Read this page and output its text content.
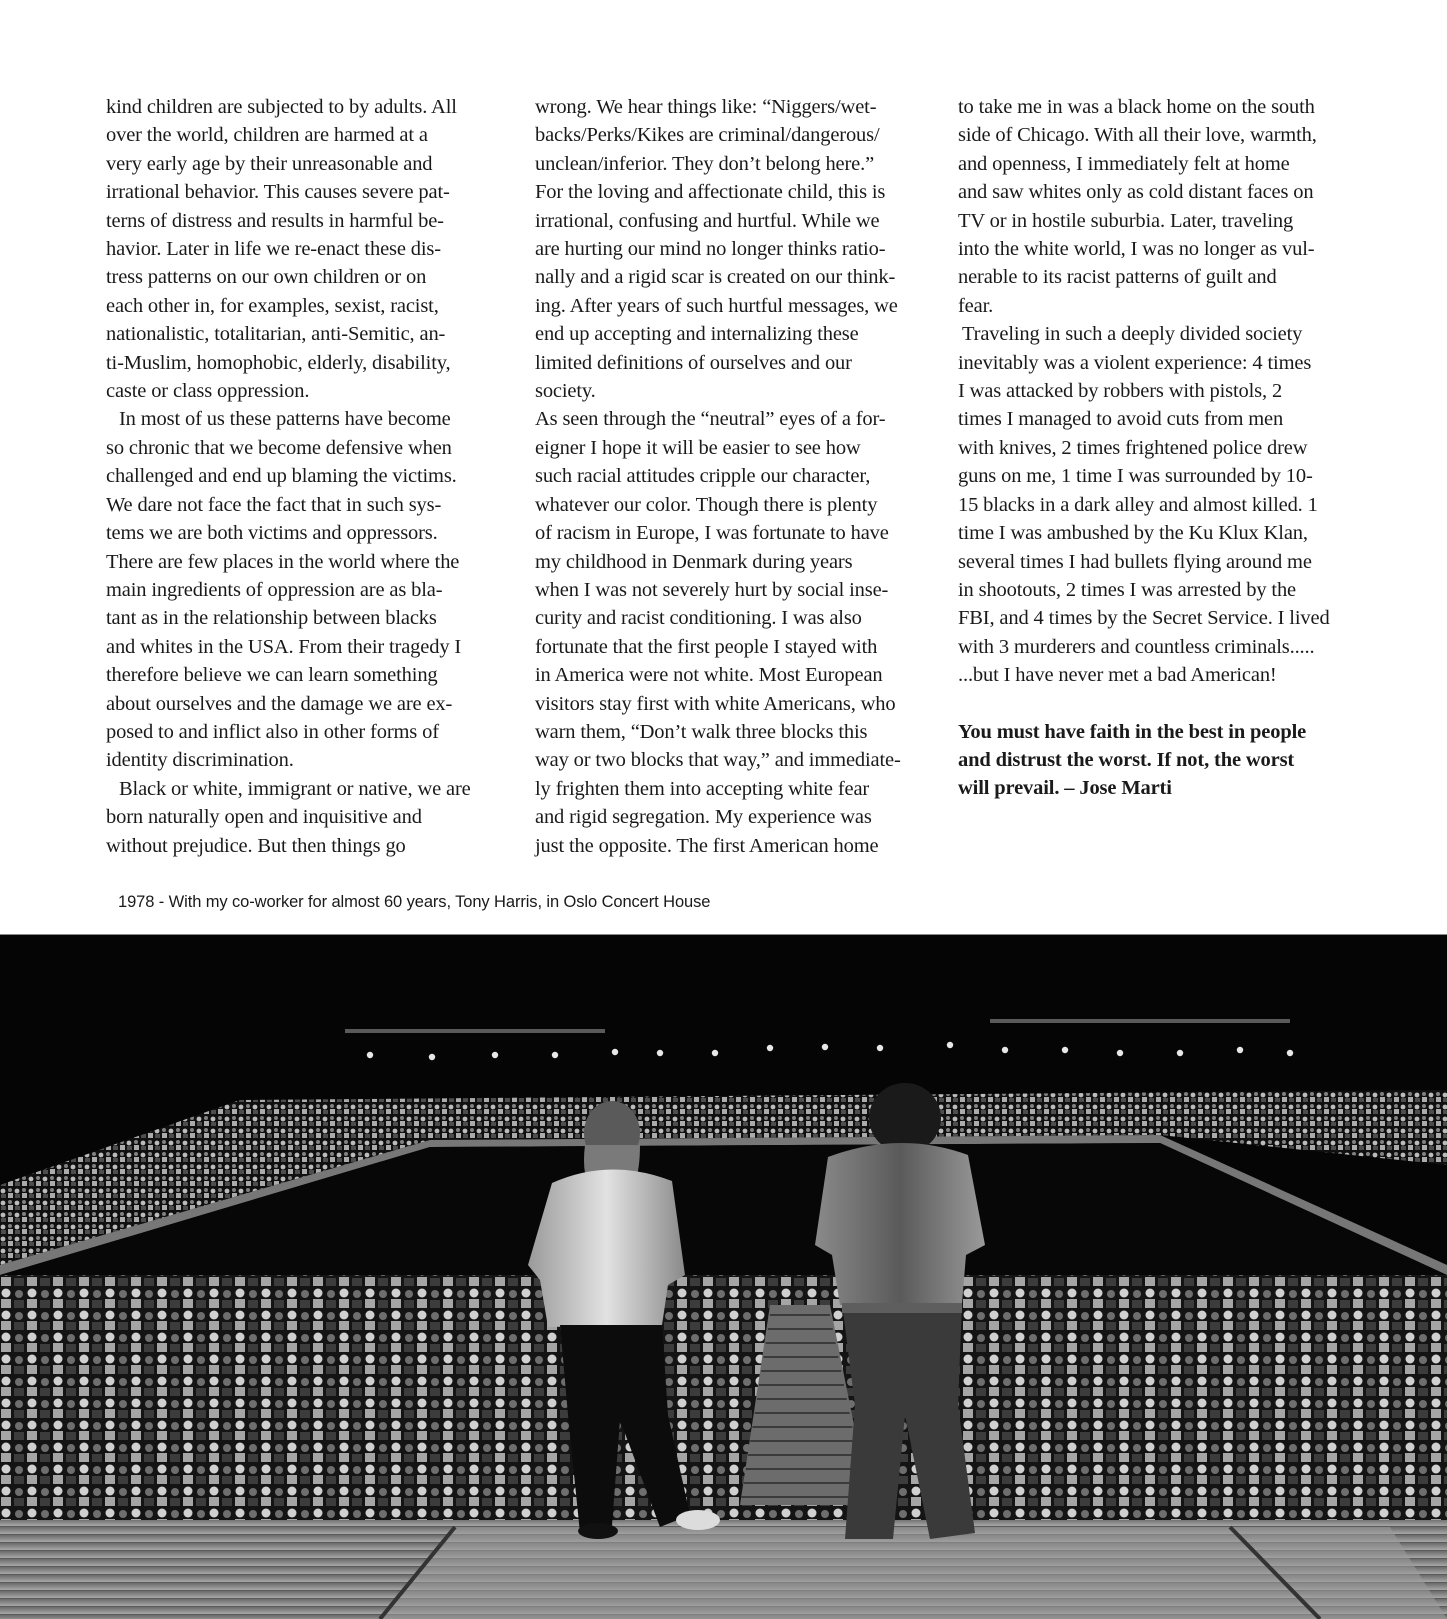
kind children are subjected to by adults. All
over the world, children are harmed at a
very early age by their unreasonable and
irrational behavior. This causes severe pat-
terns of distress and results in harmful be-
havior. Later in life we re-enact these dis-
tress patterns on our own children or on
each other in, for examples, sexist, racist,
nationalistic, totalitarian, anti-Semitic, an-
ti-Muslim, homophobic, elderly, disability,
caste or class oppression.

In most of us these patterns have become
so chronic that we become defensive when
challenged and end up blaming the victims.
We dare not face the fact that in such sys-
tems we are both victims and oppressors.
There are few places in the world where the
main ingredients of oppression are as bla-
tant as in the relationship between blacks
and whites in the USA. From their tragedy I
therefore believe we can learn something
about ourselves and the damage we are ex-
posed to and inflict also in other forms of
identity discrimination.

Black or white, immigrant or native, we are
born naturally open and inquisitive and
without prejudice. But then things go

wrong. We hear things like: “Niggers/wet-
backs/Perks/Kikes are criminal/dangerous/
unclean/inferior. They don’t belong here.”
For the loving and affectionate child, this is
irrational, confusing and hurtful. While we
are hurting our mind no longer thinks ratio-
nally and a rigid scar is created on our think-
ing. After years of such hurtful messages, we
end up accepting and internalizing these
limited definitions of ourselves and our
society.

As seen through the “neutral” eyes of a for-
eigner I hope it will be easier to see how
such racial attitudes cripple our character,
whatever our color. Though there is plenty
of racism in Europe, I was fortunate to have
my childhood in Denmark during years
when I was not severely hurt by social inse-
curity and racist conditioning. I was also
fortunate that the first people I stayed with
in America were not white. Most European
visitors stay first with white Americans, who
warn them, “Don’t walk three blocks this
way or two blocks that way,” and immediate-
ly frighten them into accepting white fear
and rigid segregation. My experience was
just the opposite. The first American home

to take me in was a black home on the south
side of Chicago. With all their love, warmth,
and openness, I immediately felt at home
and saw whites only as cold distant faces on
TV or in hostile suburbia. Later, traveling
into the white world, I was no longer as vul-
nerable to its racist patterns of guilt and
fear.

Traveling in such a deeply divided society
inevitably was a violent experience: 4 times
I was attacked by robbers with pistols, 2
times I managed to avoid cuts from men
with knives, 2 times frightened police drew
guns on me, 1 time I was surrounded by 10-
15 blacks in a dark alley and almost killed. 1
time I was ambushed by the Ku Klux Klan,
several times I had bullets flying around me
in shootouts, 2 times I was arrested by the
FBI, and 4 times by the Secret Service. I lived
with 3 murderers and countless criminals.....
...but I have never met a bad American!

You must have faith in the best in people
and distrust the worst. If not, the worst
will prevail. – Jose Marti

1978 - With my co-worker for almost 60 years, Tony Harris, in Oslo Concert House
